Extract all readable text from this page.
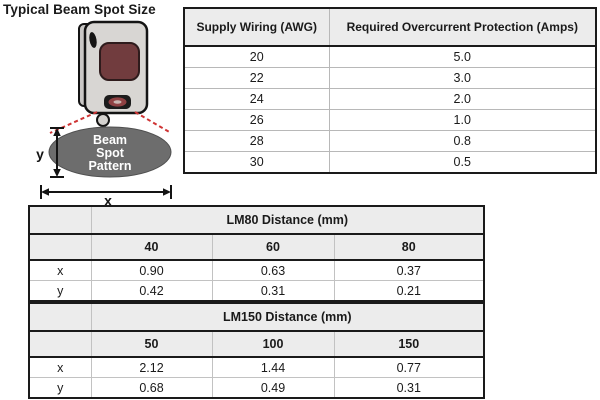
Typical Beam Spot Size
Beam
Spot
Pattern
y
x
Supply Wiring (AWG)	Required Overcurrent Protection (Amps)
20	5.0
22	3.0
24	2.0
26	1.0
28	0.8
30	0.5
	LM80 Distance (mm)		
	40	60	80
x	0.90	0.63	0.37
y	0.42	0.31	0.21
	LM150 Distance (mm)		
	50	100	150
x	2.12	1.44	0.77
y	0.68	0.49	0.31
